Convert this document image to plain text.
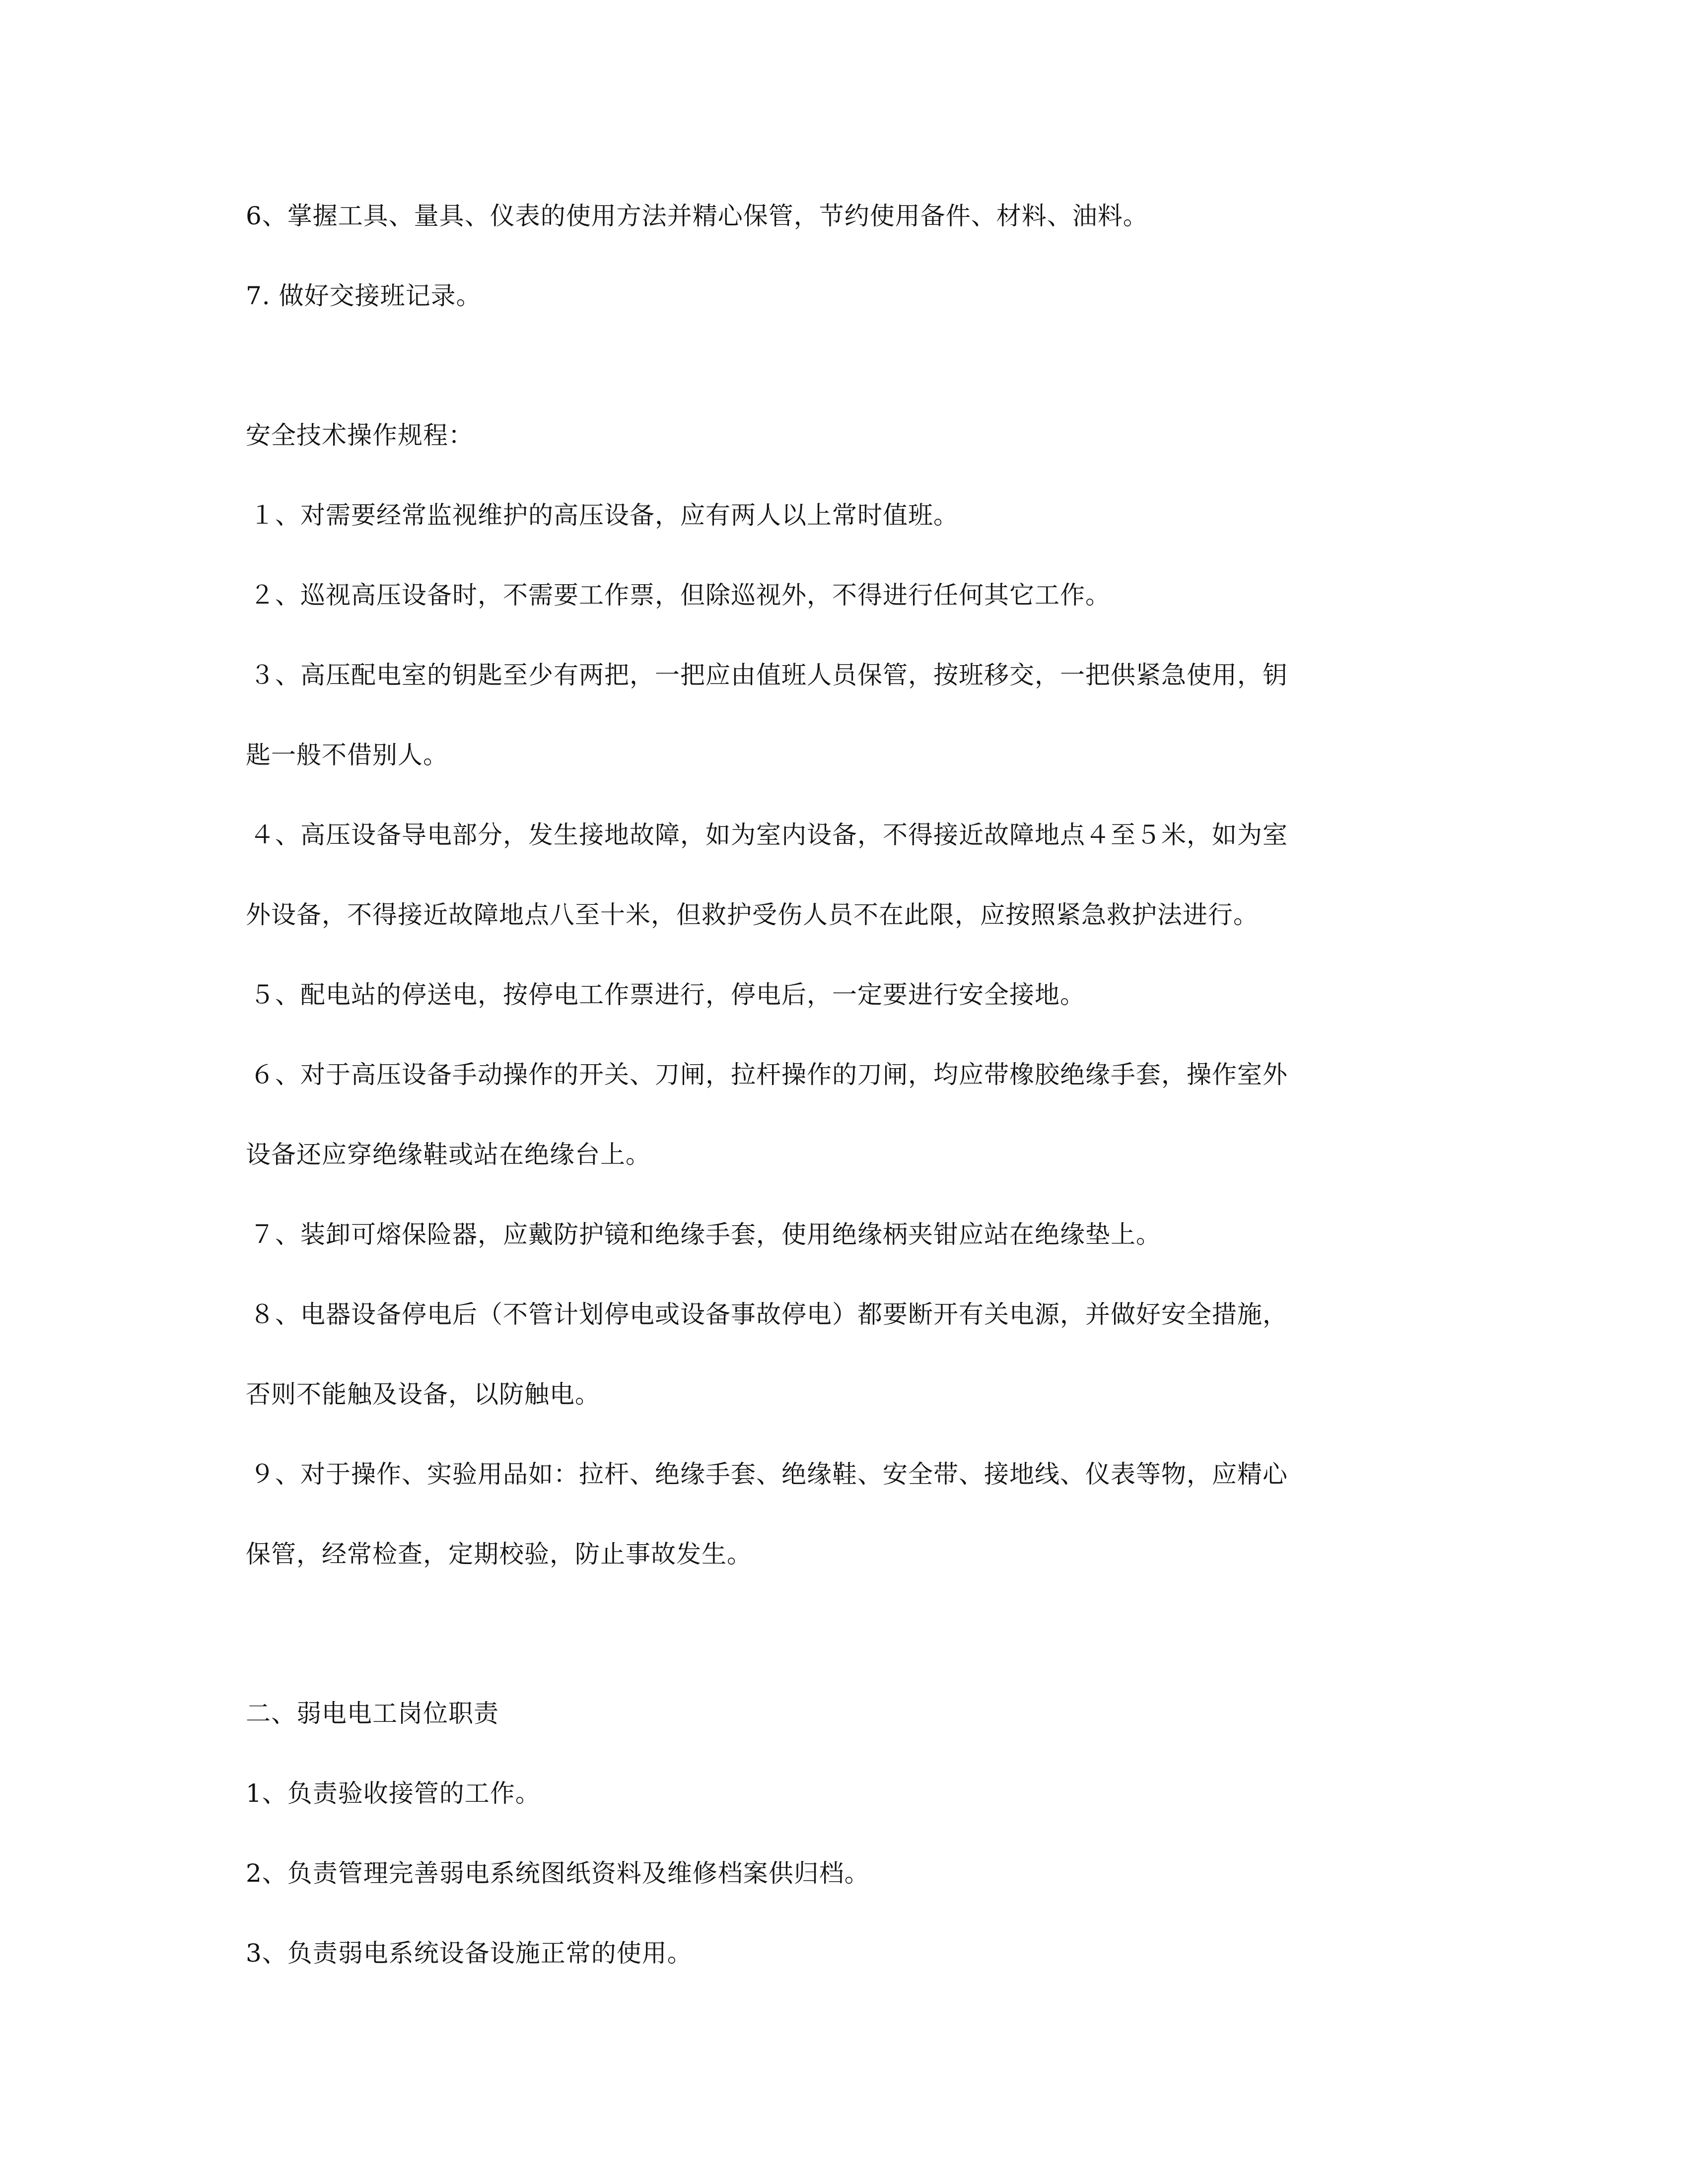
6、掌握工具、量具、仪表的使用方法并精心保管，节约使用备件、材料、油料。

7. 做好交接班记录。

安全技术操作规程：

１、对需要经常监视维护的高压设备，应有两人以上常时值班。

２、巡视高压设备时，不需要工作票，但除巡视外，不得进行任何其它工作。

３、高压配电室的钥匙至少有两把，一把应由值班人员保管，按班移交，一把供紧急使用，钥

匙一般不借别人。

４、高压设备导电部分，发生接地故障，如为室内设备，不得接近故障地点４至５米，如为室

外设备，不得接近故障地点八至十米，但救护受伤人员不在此限，应按照紧急救护法进行。

５、配电站的停送电，按停电工作票进行，停电后，一定要进行安全接地。

６、对于高压设备手动操作的开关、刀闸，拉杆操作的刀闸，均应带橡胶绝缘手套，操作室外

设备还应穿绝缘鞋或站在绝缘台上。

７、装卸可熔保险器，应戴防护镜和绝缘手套，使用绝缘柄夹钳应站在绝缘垫上。

８、电器设备停电后（不管计划停电或设备事故停电）都要断开有关电源，并做好安全措施，

否则不能触及设备，以防触电。

９、对于操作、实验用品如：拉杆、绝缘手套、绝缘鞋、安全带、接地线、仪表等物，应精心

保管，经常检查，定期校验，防止事故发生。

二、弱电电工岗位职责

1、负责验收接管的工作。

2、负责管理完善弱电系统图纸资料及维修档案供归档。

3、负责弱电系统设备设施正常的使用。
